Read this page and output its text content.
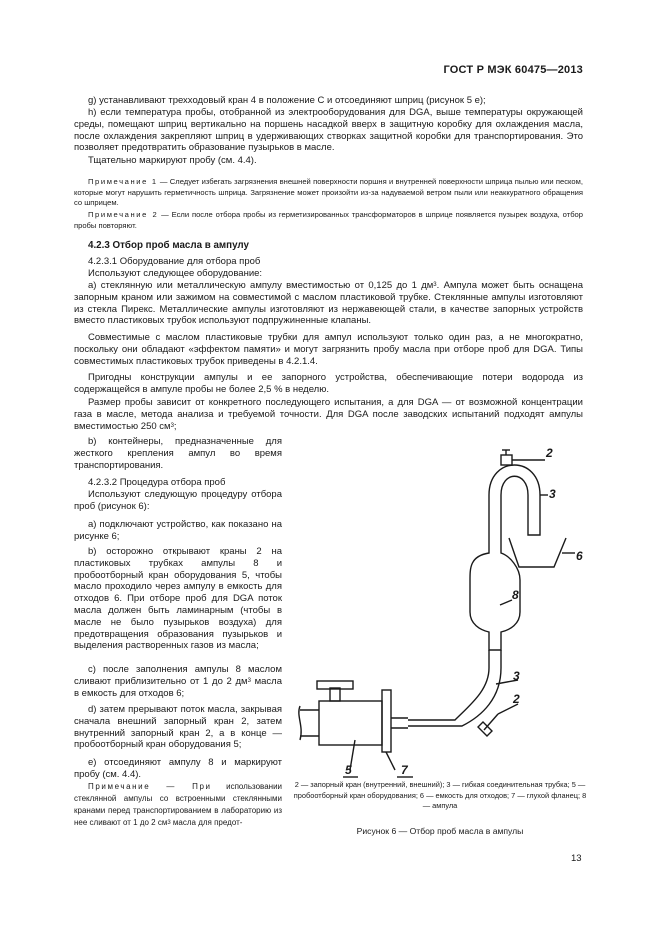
ГОСТ Р МЭК 60475—2013

g) устанавливают трехходовый кран 4 в положение С и отсоединяют шприц (рисунок 5 e);

h) если температура пробы, отобранной из электрооборудования для DGA, выше температуры окружающей среды, помещают шприц вертикально на поршень насадкой вверх в защитную коробку для охлаждения масла, после охлаждения закрепляют шприц в удерживающих створках защитной коробки для транспортирования. Это позволяет предотвратить образование пузырьков в масле.

Тщательно маркируют пробу (см. 4.4).

Примечание 1 — Следует избегать загрязнения внешней поверхности поршня и внутренней поверхности шприца пылью или песком, которые могут нарушить герметичность шприца. Загрязнение может произойти из-за надуваемой ветром пыли или неаккуратного обращения со шприцем.

Примечание 2 — Если после отбора пробы из герметизированных трансформаторов в шприце появляется пузырек воздуха, отбор пробы повторяют.

4.2.3 Отбор проб масла в ампулу

4.2.3.1 Оборудование для отбора проб

Используют следующее оборудование:

а) стеклянную или металлическую ампулу вместимостью от 0,125 до 1 $дм^3$. Ампула может быть оснащена запорным краном или зажимом на совместимой с маслом пластиковой трубке. Стеклянные ампулы изготовляют из стекла Пирекс. Металлические ампулы изготовляют из нержавеющей стали, в качестве запорных устройств вместо пластиковых трубок используют подпружиненные клапаны.

Совместимые с маслом пластиковые трубки для ампул используют только один раз, а не многократно, поскольку они обладают «эффектом памяти» и могут загрязнить пробу масла при отборе проб для DGA. Типы совместимых пластиковых трубок приведены в 4.2.1.4.

Пригодны конструкции ампулы и ее запорного устройства, обеспечивающие потери водорода из содержащейся в ампуле пробы не более 2,5 % в неделю.

Размер пробы зависит от конкретного последующего испытания, а для DGA — от возможной концентрации газа в масле, метода анализа и требуемой точности. Для DGA после заводских испытаний подходят ампулы вместимостью 250 $см^3$;

b) контейнеры, предназначенные для жесткого крепления ампул во время транспортирования.

4.2.3.2 Процедура отбора проб

Используют следующую процедуру отбора проб (рисунок 6):

а) подключают устройство, как показано на рисунке 6;

b) осторожно открывают краны 2 на пластиковых трубках ампулы 8 и пробоотборный кран оборудования 5, чтобы масло проходило через ампулу в емкость для отходов 6. При отборе проб для DGA поток масла должен быть ламинарным (чтобы в масле не было пузырьков воздуха) для предотвращения образования пузырьков и выделения растворенных газов из масла;

с) после заполнения ампулы 8 маслом сливают приблизительно от 1 до 2 $дм^3$ масла в емкость для отходов 6;

d) затем прерывают поток масла, закрывая сначала внешний запорный кран 2, затем внутренний запорный кран 2, а в конце — пробоотборный кран оборудования 5;

е) отсоединяют ампулу 8 и маркируют пробу (см. 4.4).

Примечание — При использовании стеклянной ампулы со встроенными стеклянными кранами перед транспортированием в лабораторию из нее сливают от 1 до 2 $см^3$ масла для предот-

2
3
6
8
3
2
5	7
2 — запорный кран (внутренний, внешний); 3 — гибкая соединительная трубка; 5 — пробоотборный кран оборудования; 6 — емкость для отходов; 7 — глухой фланец; 8 — ампула
Рисунок 6 — Отбор проб масла в ампулы
13
